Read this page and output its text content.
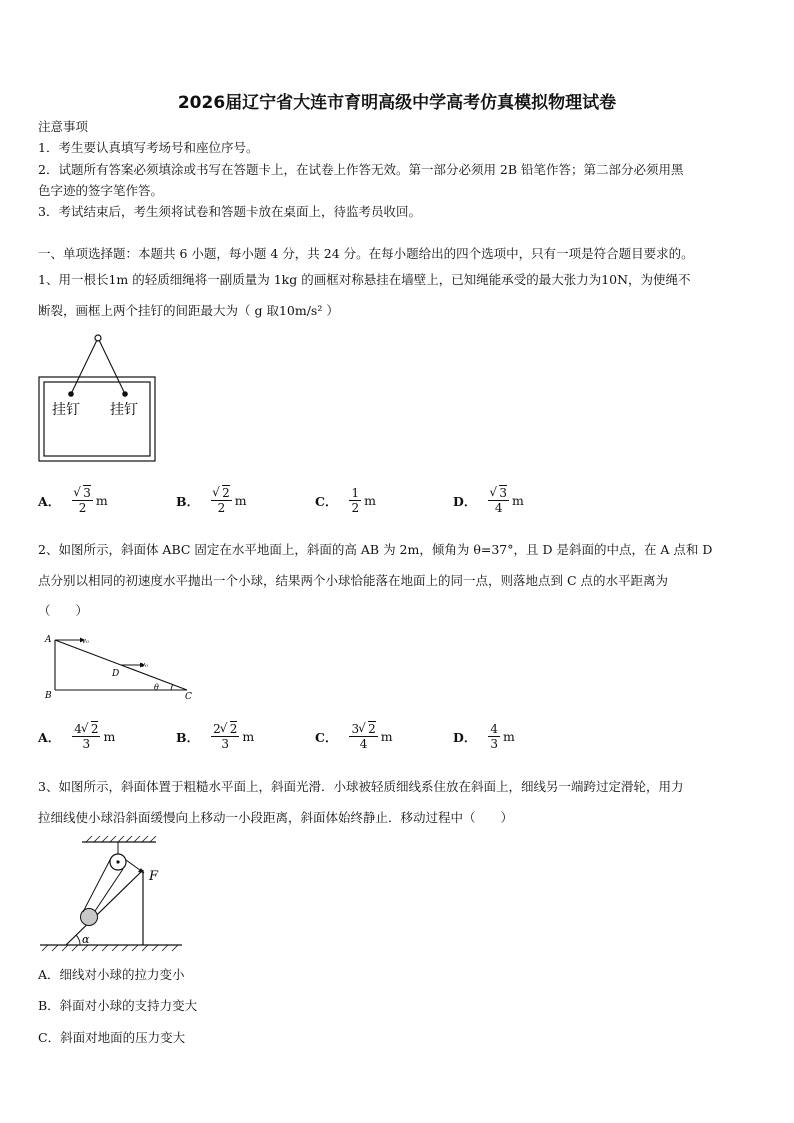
2026届辽宁省大连市育明高级中学高考仿真模拟物理试卷
注意事项
1．考生要认真填写考场号和座位序号。
2．试题所有答案必须填涂或书写在答题卡上，在试卷上作答无效。第一部分必须用 2B 铅笔作答；第二部分必须用黑
色字迹的签字笔作答。
3．考试结束后，考生须将试卷和答题卡放在桌面上，待监考员收回。
一、单项选择题：本题共 6 小题，每小题 4 分，共 24 分。在每小题给出的四个选项中，只有一项是符合题目要求的。
1、用一根长1m 的轻质细绳将一副质量为 1kg 的画框对称悬挂在墙壁上，已知绳能承受的最大张力为10N，为使绳不
断裂，画框上两个挂钉的间距最大为（ g 取10m/s² ）
挂钉 挂钉
A． √ $\frac{3}{2}$ m	B． √ $\frac{2}{2}$ m	C． $\frac{1}{2}$ m	D． √ $\frac{3}{4}$ m
2、如图所示，斜面体 ABC 固定在水平地面上，斜面的高 AB 为 2m，倾角为 θ=37°，且 D 是斜面的中点，在 A 点和 D
点分别以相同的初速度水平抛出一个小球，结果两个小球恰能落在地面上的同一点，则落地点到 C 点的水平距离为
（　　）
A
B	C
D
v₀
v₀
θ
A． $\frac{4 √ 2}{3}$ m	B． $\frac{2 √ 2}{3}$ m	C． $\frac{3 √ 2}{4}$ m	D． $\frac{4}{3}$ m
3、如图所示，斜面体置于粗糙水平面上，斜面光滑．小球被轻质细线系住放在斜面上，细线另一端跨过定滑轮，用力
拉细线使小球沿斜面缓慢向上移动一小段距离，斜面体始终静止．移动过程中（　　）
F
α
A．细线对小球的拉力变小
B．斜面对小球的支持力变大
C．斜面对地面的压力变大
